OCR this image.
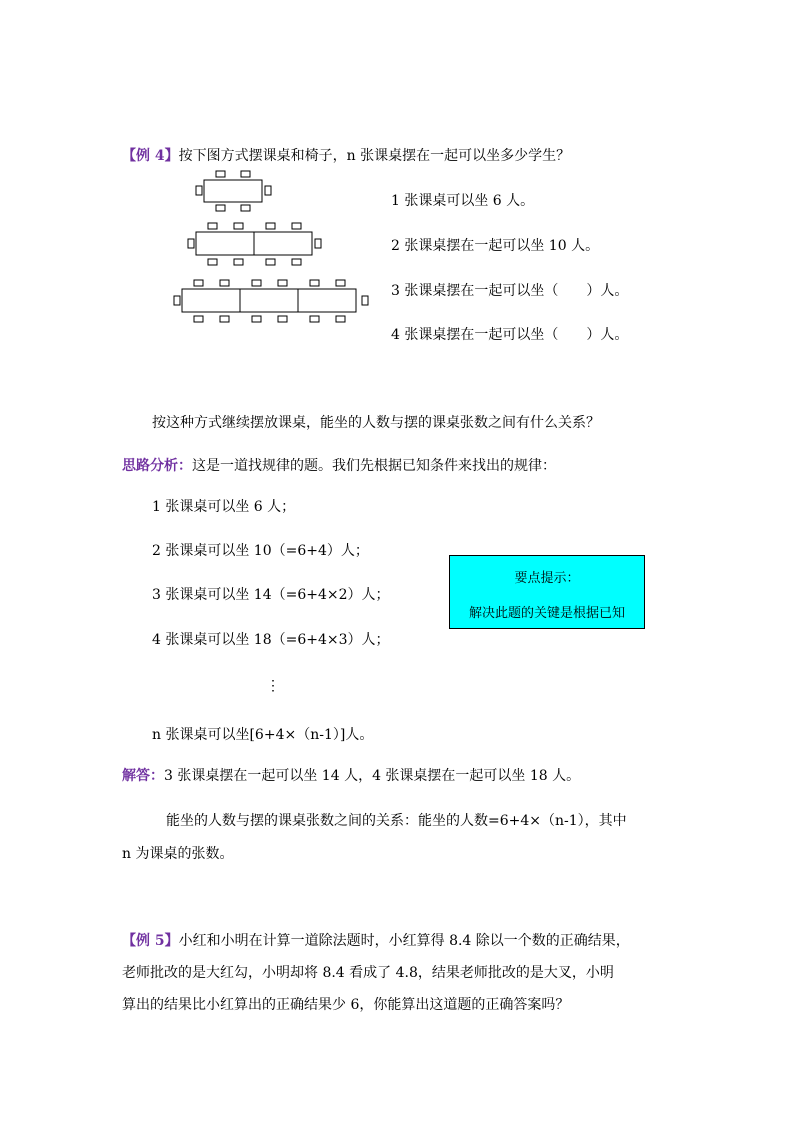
【例 4】按下图方式摆课桌和椅子，n 张课桌摆在一起可以坐多少学生？
1 张课桌可以坐 6 人。
2 张课桌摆在一起可以坐 10 人。
3 张课桌摆在一起可以坐（　　）人。
4 张课桌摆在一起可以坐（　　）人。
按这种方式继续摆放课桌，能坐的人数与摆的课桌张数之间有什么关系？
思路分析：这是一道找规律的题。我们先根据已知条件来找出的规律：
1 张课桌可以坐 6 人；
2 张课桌可以坐 10（=6+4）人；
3 张课桌可以坐 14（=6+4×2）人；
4 张课桌可以坐 18（=6+4×3）人；
⋮
n 张课桌可以坐[6+4×（n-1）]人。
要点提示：
解决此题的关键是根据已知
解答：3 张课桌摆在一起可以坐 14 人，4 张课桌摆在一起可以坐 18 人。
能坐的人数与摆的课桌张数之间的关系：能坐的人数=6+4×（n-1），其中
n 为课桌的张数。
【例 5】小红和小明在计算一道除法题时，小红算得 8.4 除以一个数的正确结果，
老师批改的是大红勾，小明却将 8.4 看成了 4.8，结果老师批改的是大叉，小明
算出的结果比小红算出的正确结果少 6，你能算出这道题的正确答案吗？
